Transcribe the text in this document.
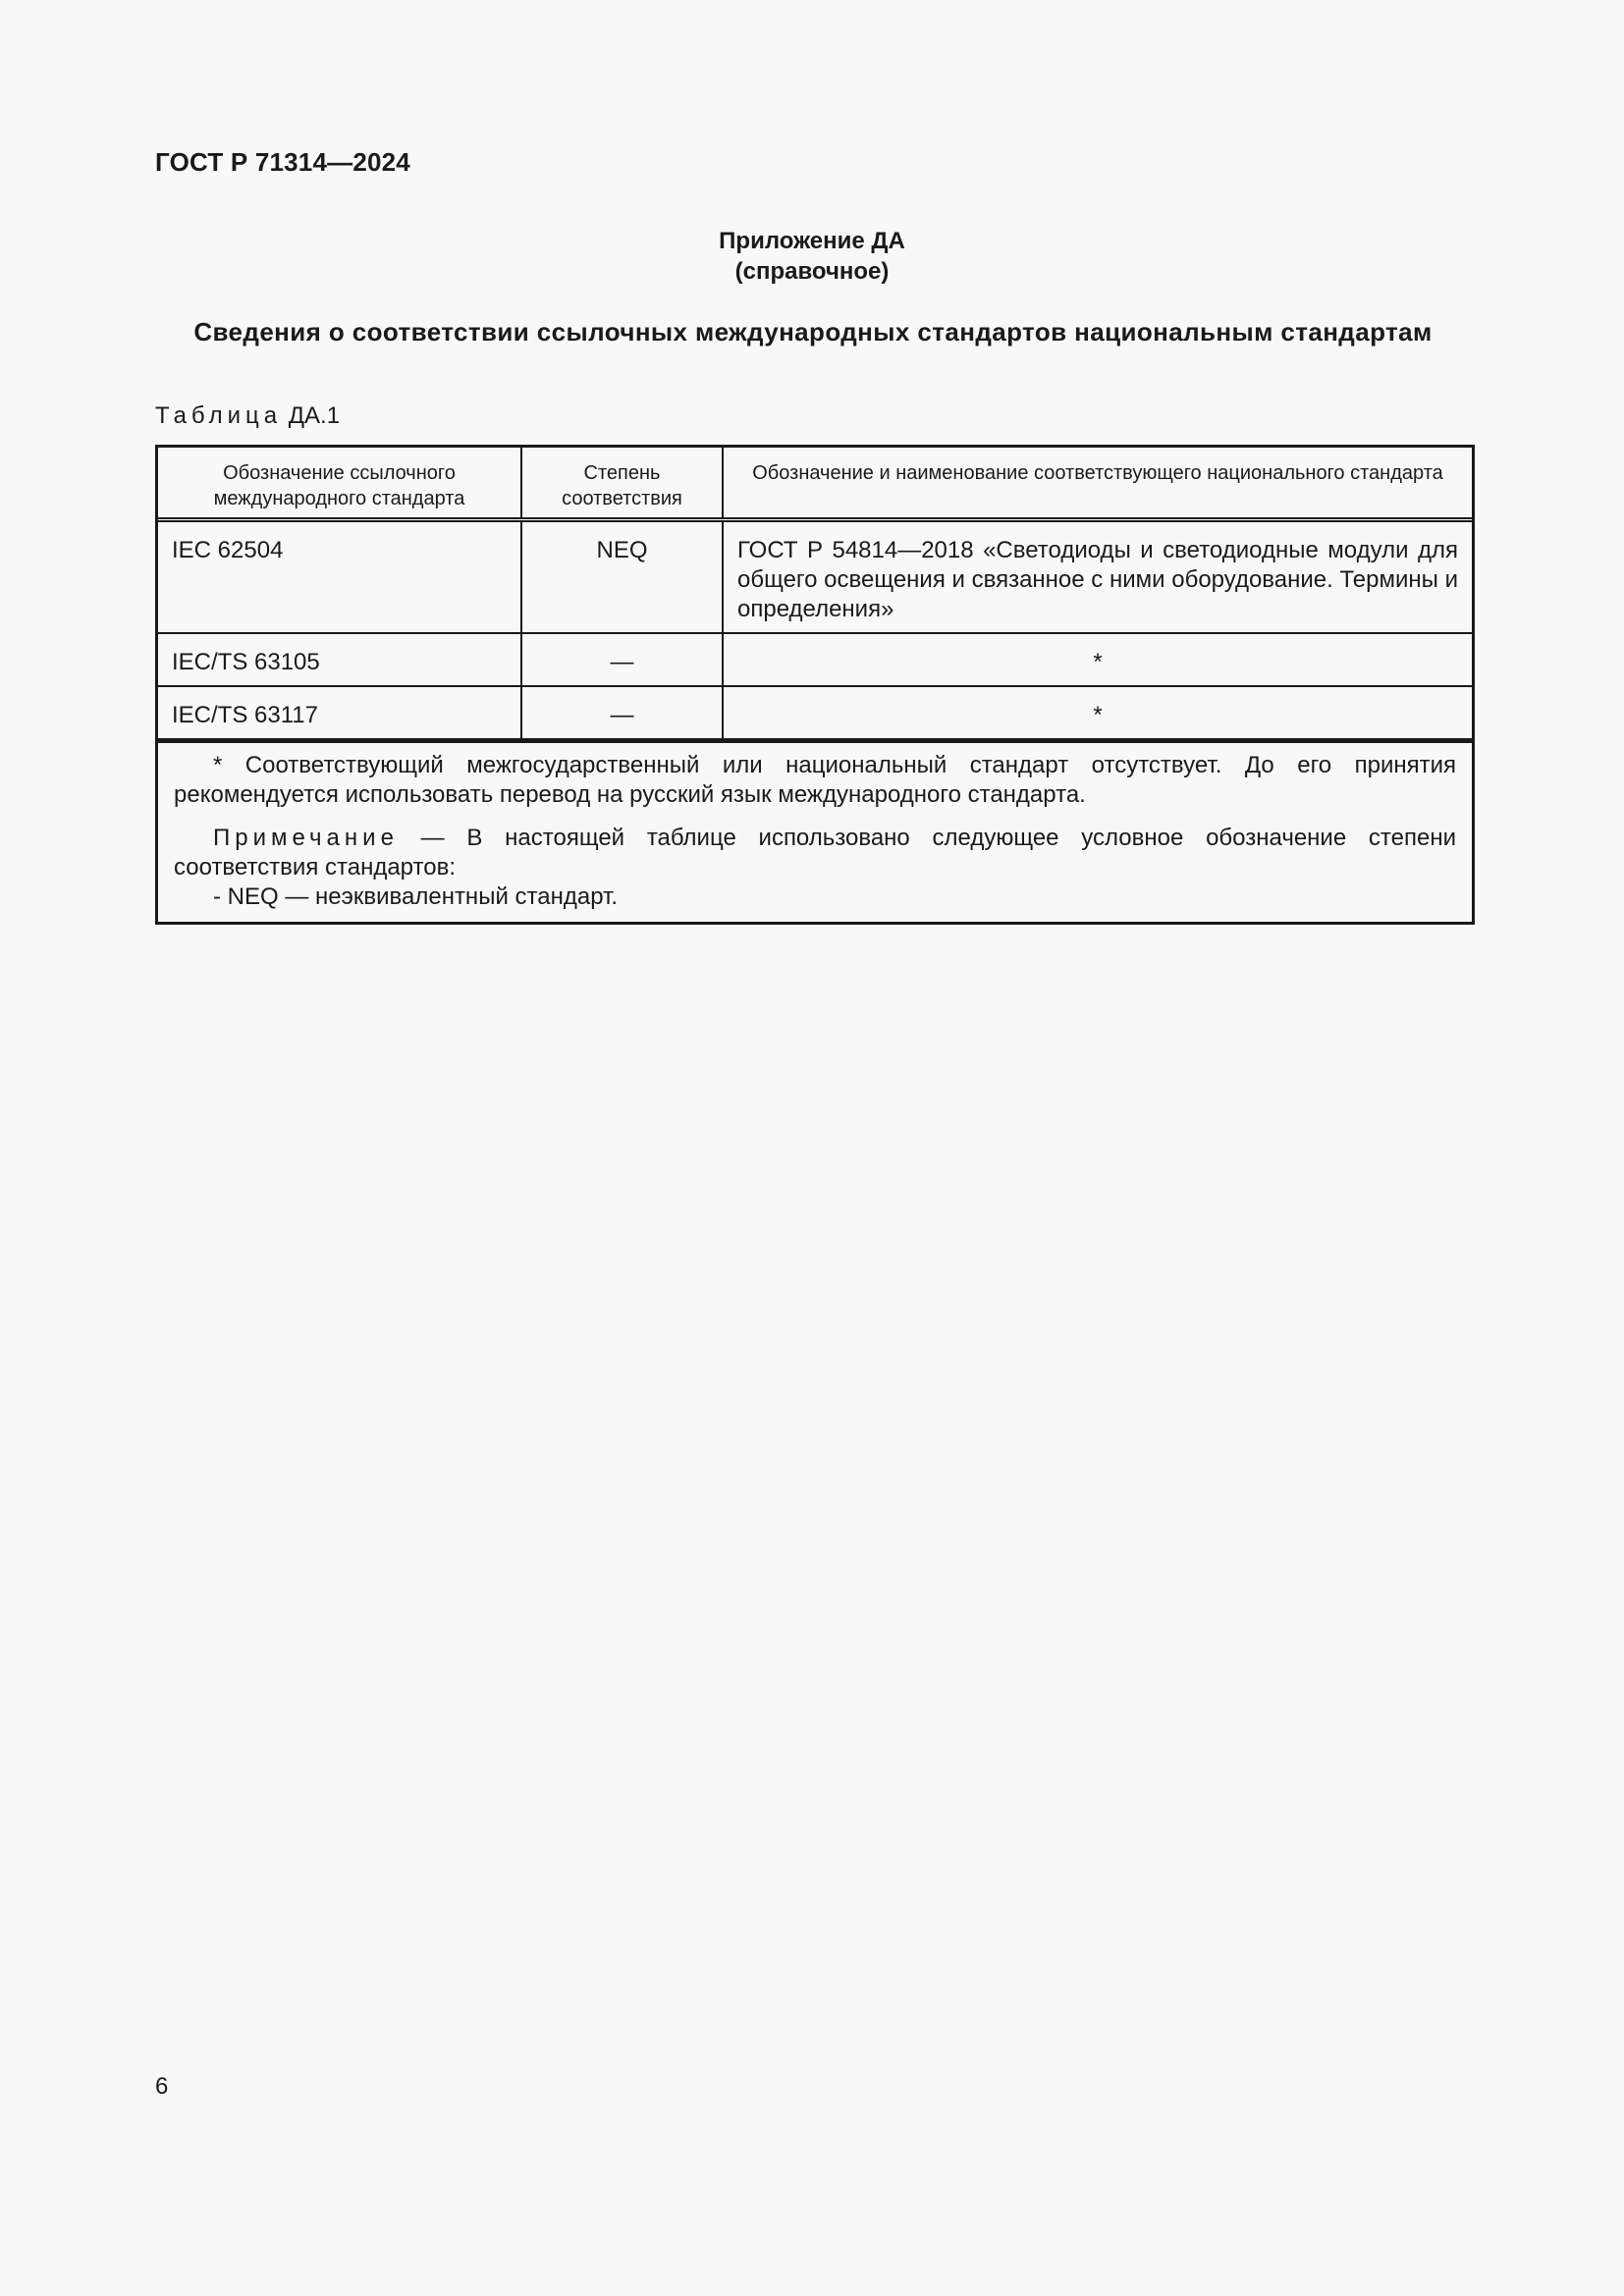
ГОСТ Р 71314—2024
Приложение ДА
(справочное)
Сведения о соответствии ссылочных международных стандартов национальным стандартам
Таблица ДА.1
Обозначение ссылочного международного стандарта	Степень соответствия	Обозначение и наименование соответствующего национального стандарта
IEC 62504	NEQ	ГОСТ Р 54814—2018 «Светодиоды и светодиодные модули для общего освещения и связанное с ними оборудование. Термины и определения»
IEC/TS 63105	—	*
IEC/TS 63117	—	*

* Соответствующий межгосударственный или национальный стандарт отсутствует. До его принятия рекомендуется использовать перевод на русский язык международного стандарта.

Примечание — В настоящей таблице использовано следующее условное обозначение степени соответствия стандартов:

- NEQ — неэквивалентный стандарт.

6
